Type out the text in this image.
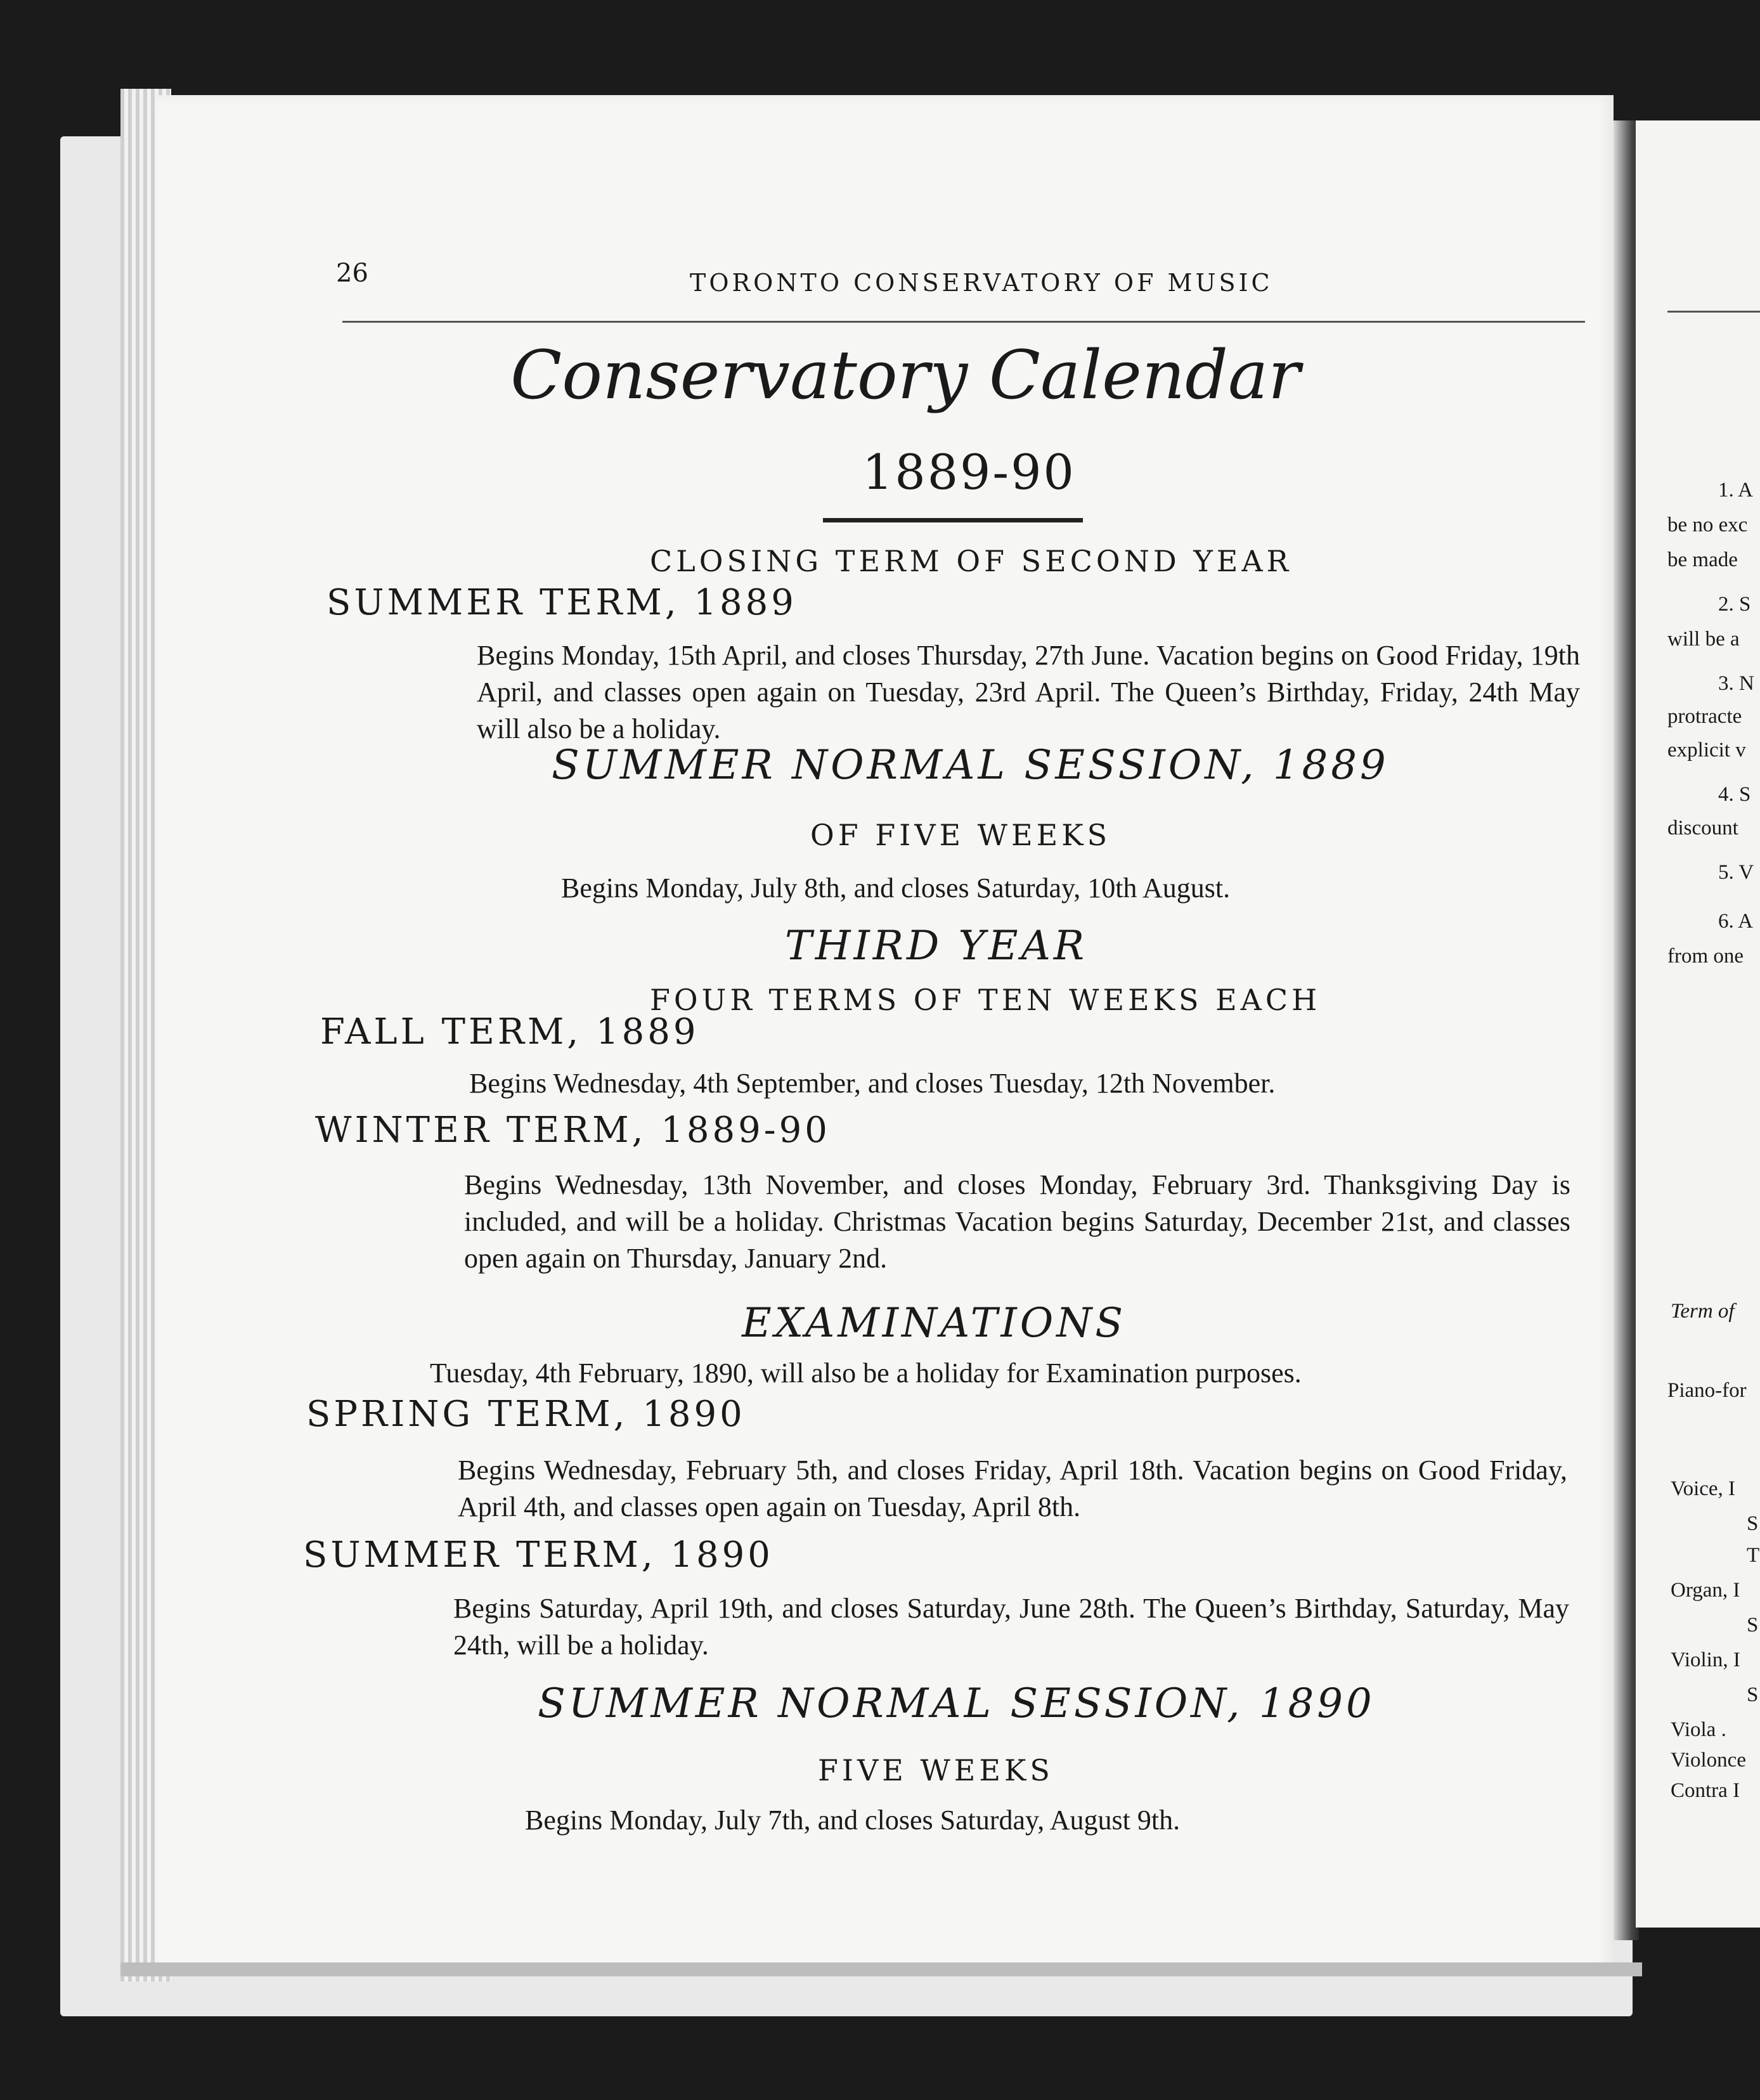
26	TORONTO CONSERVATORY OF MUSIC
Conservatory Calendar
1889-90
CLOSING TERM OF SECOND YEAR
SUMMER TERM, 1889
Begins Monday, 15th April, and closes Thursday, 27th June. Vacation begins on Good Friday, 19th April, and classes open again on Tuesday, 23rd April. The Queen’s Birthday, Friday, 24th May will also be a holiday.
SUMMER NORMAL SESSION, 1889
OF FIVE WEEKS
Begins Monday, July 8th, and closes Saturday, 10th August.
THIRD YEAR
FOUR TERMS OF TEN WEEKS EACH
FALL TERM, 1889
Begins Wednesday, 4th September, and closes Tuesday, 12th November.
WINTER TERM, 1889-90
Begins Wednesday, 13th November, and closes Monday, February 3rd. Thanksgiving Day is included, and will be a holiday. Christmas Vacation begins Saturday, December 21st, and classes open again on Thursday, January 2nd.
EXAMINATIONS
Tuesday, 4th February, 1890, will also be a holiday for Examination purposes.
SPRING TERM, 1890
Begins Wednesday, February 5th, and closes Friday, April 18th. Vacation begins on Good Friday, April 4th, and classes open again on Tuesday, April 8th.
SUMMER TERM, 1890
Begins Saturday, April 19th, and closes Saturday, June 28th. The Queen’s Birthday, Saturday, May 24th, will be a holiday.
SUMMER NORMAL SESSION, 1890
FIVE WEEKS
Begins Monday, July 7th, and closes Saturday, August 9th.
1. A
be no exc
be made
2. S
will be a
3. N
protracte
explicit v
4. S
discount
5. V
6. A
from one
Term of
Piano-for
Voice, I
S
T
Organ, I
S
Violin, I
S
Viola .
Violonce
Contra I
